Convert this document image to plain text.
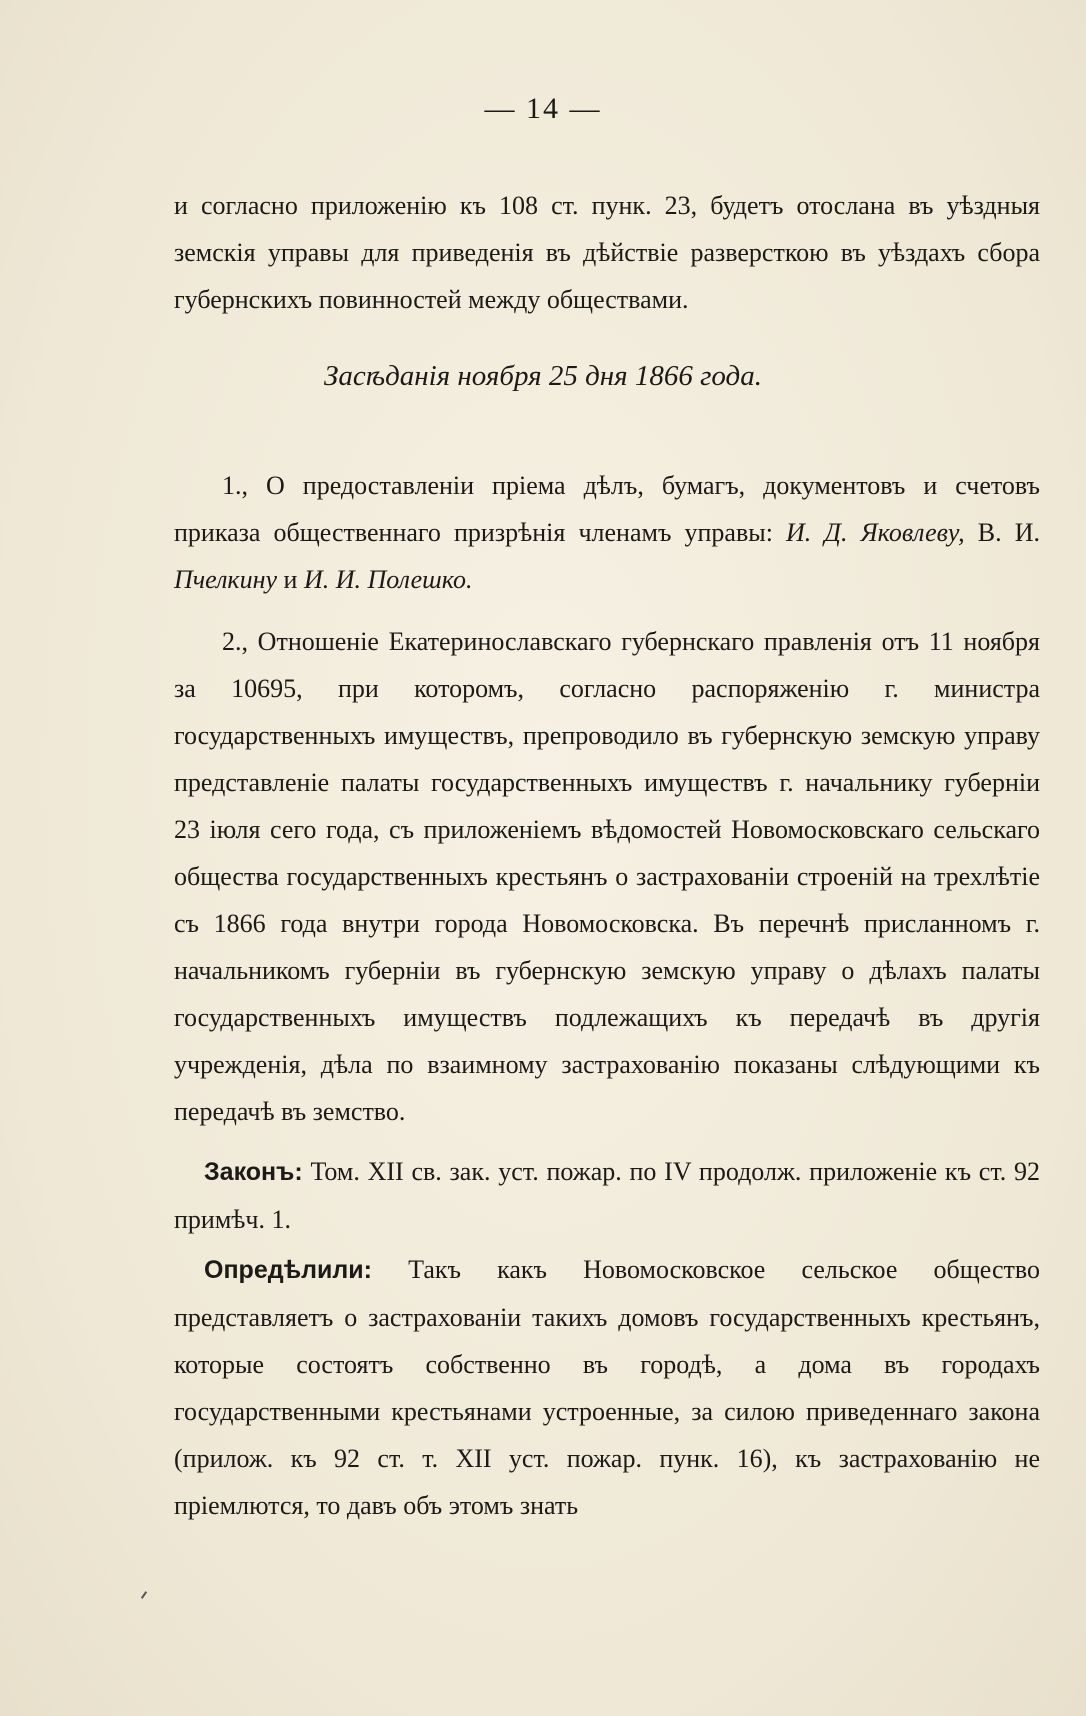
— 14 —
и согласно приложенію къ 108 ст. пунк. 23, будетъ отослана въ уѣздныя земскія управы для приведенія въ дѣйствіе разверсткою въ уѣздахъ сбора губернскихъ повинностей между обществами.
Засѣданія ноября 25 дня 1866 года.
1., О предоставленіи пріема дѣлъ, бумагъ, документовъ и счетовъ приказа общественнаго призрѣнія членамъ управы: И. Д. Яковлеву, В. И. Пчелкину и И. И. Полешко.
2., Отношеніе Екатеринославскаго губернскаго правленія отъ 11 ноября за 10695, при которомъ, согласно распоряженію г. министра государственныхъ имуществъ, препроводило въ губернскую земскую управу представленіе палаты государственныхъ имуществъ г. начальнику губерніи 23 іюля сего года, съ приложеніемъ вѣдомостей Новомосковскаго сельскаго общества государственныхъ крестьянъ о застрахованіи строеній на трехлѣтіе съ 1866 года внутри города Новомосковска. Въ перечнѣ присланномъ г. начальникомъ губерніи въ губернскую земскую управу о дѣлахъ палаты государственныхъ имуществъ подлежащихъ къ передачѣ въ другія учрежденія, дѣла по взаимному застрахованію показаны слѣдующими къ передачѣ въ земство.
Законъ: Том. XII св. зак. уст. пожар. по IV продолж. приложеніе къ ст. 92 примѣч. 1.
Опредѣлили: Такъ какъ Новомосковское сельское общество представляетъ о застрахованіи такихъ домовъ государственныхъ крестьянъ, которые состоятъ собственно въ городѣ, а дома въ городахъ государственными крестьянами устроенные, за силою приведеннаго закона (прилож. къ 92 ст. т. XII уст. пожар. пунк. 16), къ застрахованію не пріемлются, то давъ объ этомъ знать
